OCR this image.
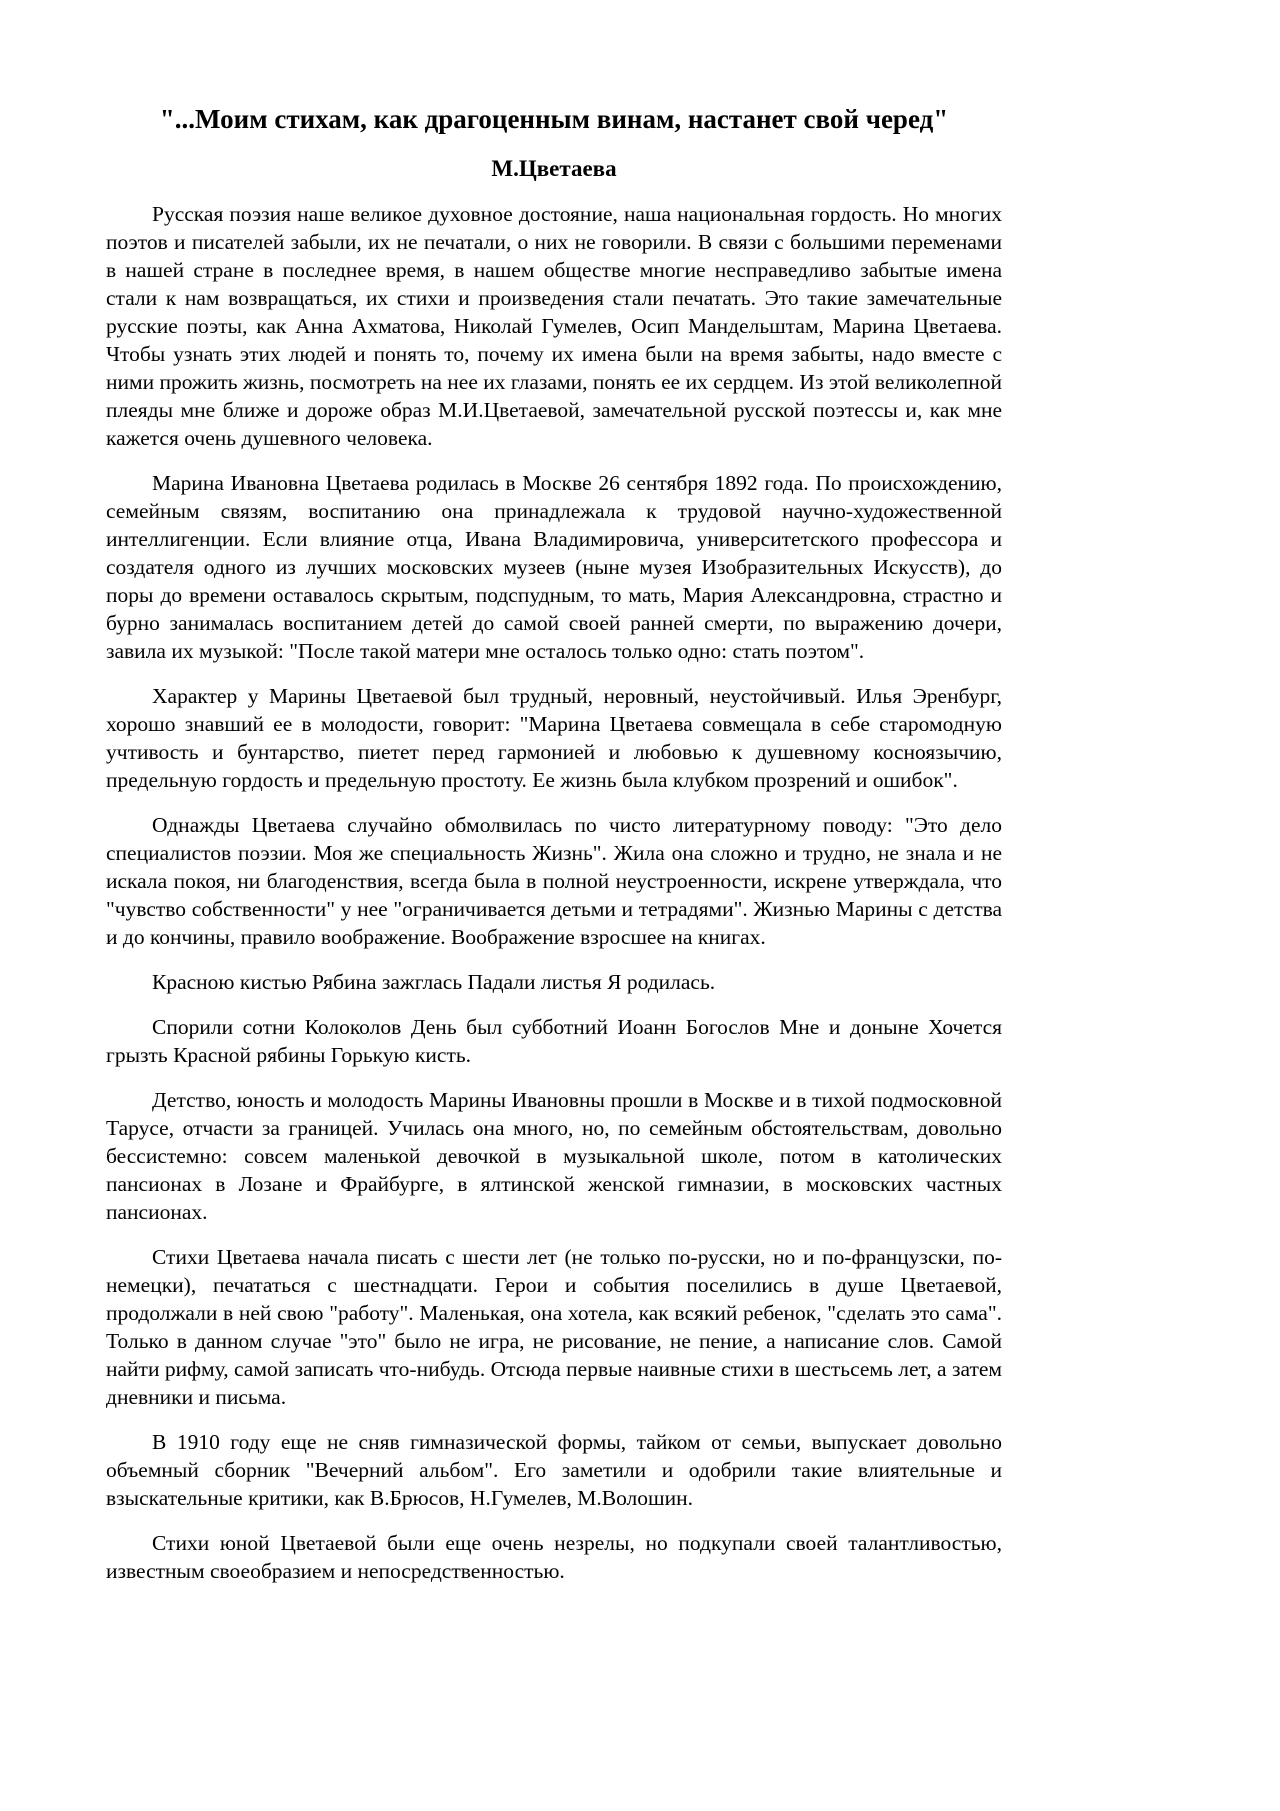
"...Моим стихам, как драгоценным винам, настанет свой черед"
М.Цветаева

Русская поэзия наше великое духовное достояние, наша национальная гордость. Но многих поэтов и писателей забыли, их не печатали, о них не говорили. В связи с большими переменами в нашей стране в последнее время, в нашем обществе многие несправедливо забытые имена стали к нам возвращаться, их стихи и произведения стали печатать. Это такие замечательные русские поэты, как Анна Ахматова, Николай Гумелев, Осип Мандельштам, Марина Цветаева. Чтобы узнать этих людей и понять то, почему их имена были на время забыты, надо вместе с ними прожить жизнь, посмотреть на нее их глазами, понять ее их сердцем. Из этой великолепной плеяды мне ближе и дороже образ М.И.Цветаевой, замечательной русской поэтессы и, как мне кажется очень душевного человека.

Марина Ивановна Цветаева родилась в Москве 26 сентября 1892 года. По происхождению, семейным связям, воспитанию она принадлежала к трудовой научно-художественной интеллигенции. Если влияние отца, Ивана Владимировича, университетского профессора и создателя одного из лучших московских музеев (ныне музея Изобразительных Искусств), до поры до времени оставалось скрытым, подспудным, то мать, Мария Александровна, страстно и бурно занималась воспитанием детей до самой своей ранней смерти, по выражению дочери, завила их музыкой: "После такой матери мне осталось только одно: стать поэтом".

Характер у Марины Цветаевой был трудный, неровный, неустойчивый. Илья Эренбург, хорошо знавший ее в молодости, говорит: "Марина Цветаева совмещала в себе старомодную учтивость и бунтарство, пиетет перед гармонией и любовью к душевному косноязычию, предельную гордость и предельную простоту. Ее жизнь была клубком прозрений и ошибок".

Однажды Цветаева случайно обмолвилась по чисто литературному поводу: "Это дело специалистов поэзии. Моя же специальность Жизнь". Жила она сложно и трудно, не знала и не искала покоя, ни благоденствия, всегда была в полной неустроенности, искрене утверждала, что "чувство собственности" у нее "ограничивается детьми и тетрадями". Жизнью Марины с детства и до кончины, правило воображение. Воображение взросшее на книгах.

Красною кистью Рябина зажглась Падали листья Я родилась.

Спорили сотни Колоколов День был субботний Иоанн Богослов Мне и доныне Хочется грызть Красной рябины Горькую кисть.

Детство, юность и молодость Марины Ивановны прошли в Москве и в тихой подмосковной Тарусе, отчасти за границей. Училась она много, но, по семейным обстоятельствам, довольно бессистемно: совсем маленькой девочкой в музыкальной школе, потом в католических пансионах в Лозане и Фрайбурге, в ялтинской женской гимназии, в московских частных пансионах.

Стихи Цветаева начала писать с шести лет (не только по-русски, но и по-французски, по-немецки), печататься с шестнадцати. Герои и события поселились в душе Цветаевой, продолжали в ней свою "работу". Маленькая, она хотела, как всякий ребенок, "сделать это сама". Только в данном случае "это" было не игра, не рисование, не пение, а написание слов. Самой найти рифму, самой записать что-нибудь. Отсюда первые наивные стихи в шестьсемь лет, а затем дневники и письма.

В 1910 году еще не сняв гимназической формы, тайком от семьи, выпускает довольно объемный сборник "Вечерний альбом". Его заметили и одобрили такие влиятельные и взыскательные критики, как В.Брюсов, Н.Гумелев, М.Волошин.

Стихи юной Цветаевой были еще очень незрелы, но подкупали своей талантливостью, известным своеобразием и непосредственностью.
